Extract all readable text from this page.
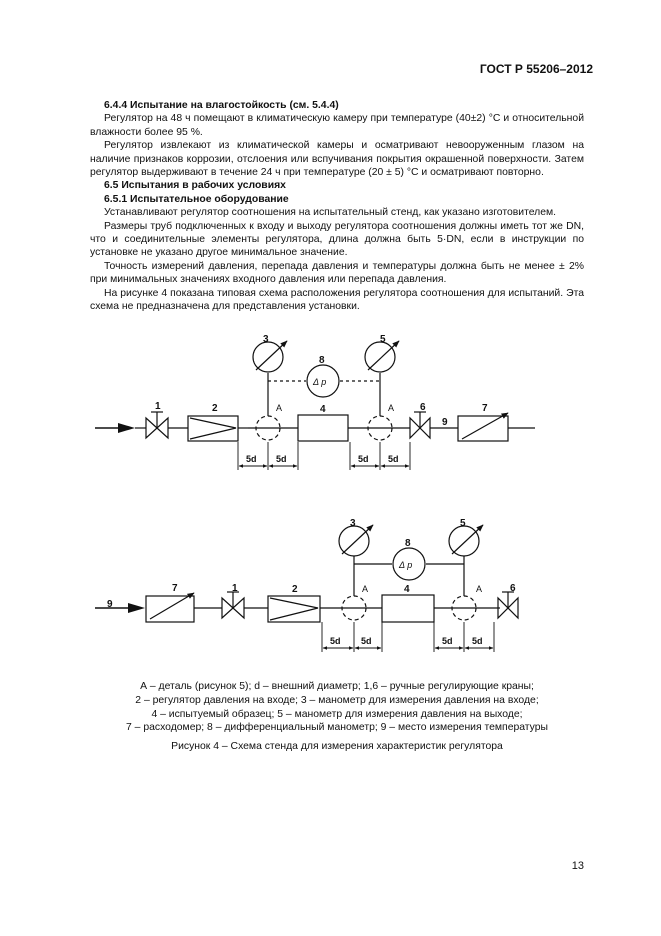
ГОСТ Р 55206–2012

6.4.4 Испытание на влагостойкость (см. 5.4.4)

Регулятор на 48 ч помещают в климатическую камеру при температуре (40±2) °С и относительной влажности более 95 %.

Регулятор извлекают из климатической камеры и осматривают невооруженным глазом на наличие признаков коррозии, отслоения или вспучивания покрытия окрашенной поверхности. Затем регулятор выдерживают в течение 24 ч при температуре (20 ± 5) °С и осматривают повторно.

6.5 Испытания в рабочих условиях

6.5.1 Испытательное оборудование

Устанавливают регулятор соотношения на испытательный стенд, как указано изготовителем.

Размеры труб подключенных к входу и выходу регулятора соотношения должны иметь тот же DN, что и соединительные элементы регулятора, длина должна быть 5·DN, если в инструкции по установке не указано другое минимальное значение.

Точность измерений давления, перепада давления и температуры должна быть не менее ± 2% при минимальных значениях входного давления или перепада давления.

На рисунке 4 показана типовая схема расположения регулятора соотношения для испытаний. Эта схема не предназначена для представления установки.

1	2
3
8
5
4	6
9
7
A	A
Δ p
5d 5d	5d 5d
9
7	1	2
3
8
5
4	6
A	A
Δ p
5d 5d	5d 5d
А – деталь (рисунок 5); d – внешний диаметр; 1,6 – ручные регулирующие краны;
2 – регулятор давления на входе; 3 – манометр для измерения давления на входе;
4 – испытуемый образец; 5 – манометр для измерения давления на выходе;
7 – расходомер; 8 – дифференциальный манометр; 9 – место измерения температуры
Рисунок 4 – Схема стенда для измерения характеристик регулятора
13
